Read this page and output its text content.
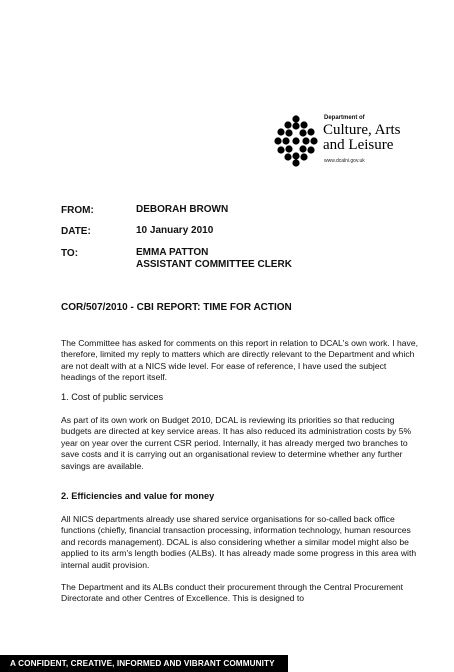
Department of
Culture, Arts
and Leisure
www.dcalni.gov.uk
FROM:	DEBORAH BROWN
DATE:	10 January 2010
TO:	EMMA PATTON
ASSISTANT COMMITTEE CLERK
COR/507/2010 - CBI REPORT: TIME FOR ACTION

The Committee has asked for comments on this report in relation to DCAL's own work. I have, therefore, limited my reply to matters which are directly relevant to the Department and which are not dealt with at a NICS wide level. For ease of reference, I have used the subject headings of the report itself.

1. Cost of public services

As part of its own work on Budget 2010, DCAL is reviewing its priorities so that reducing budgets are directed at key service areas. It has also reduced its administration costs by 5% year on year over the current CSR period. Internally, it has already merged two branches to save costs and it is carrying out an organisational review to determine whether any further savings are available.

2. Efficiencies and value for money

All NICS departments already use shared service organisations for so-called back office functions (chiefly, financial transaction processing, information technology, human resources and records management). DCAL is also considering whether a similar model might also be applied to its arm's length bodies (ALBs). It has already made some progress in this area with internal audit provision.

The Department and its ALBs conduct their procurement through the Central Procurement Directorate and other Centres of Excellence. This is designed to

A CONFIDENT, CREATIVE, INFORMED AND VIBRANT COMMUNITY
